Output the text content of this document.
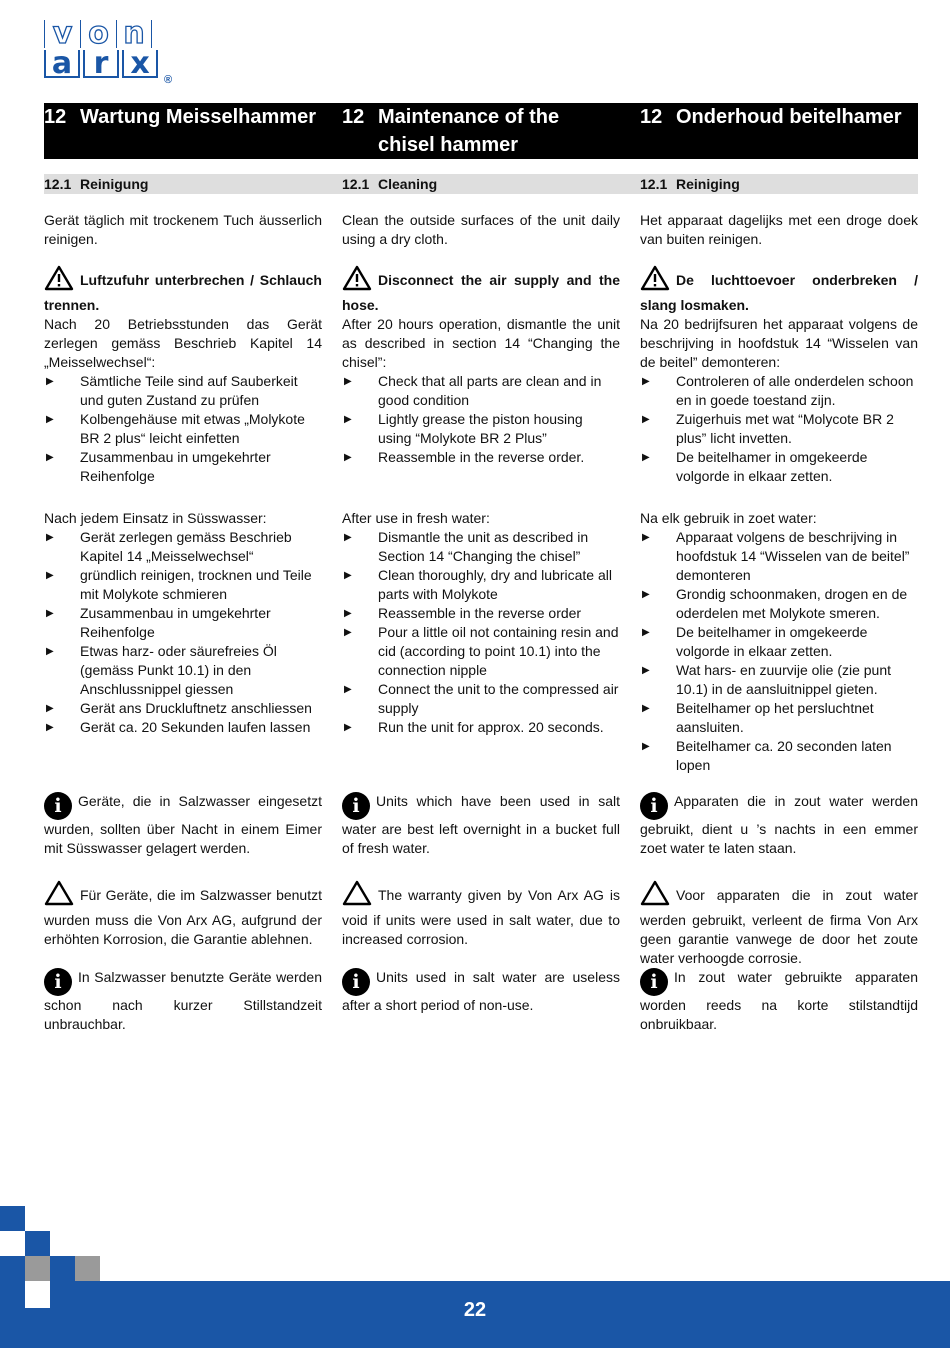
v o n
a r x	®
12 Wartung Meisselhammer	12 Maintenance of the chisel hammer
12 Onderhoud beitelhamer
12.1 Reinigung	12.1 Cleaning	12.1 Reiniging

Gerät täglich mit trockenem Tuch äusserlich reinigen.

Luftzufuhr unterbrechen / Schlauch trennen.

Nach 20 Betriebsstunden das Gerät zerlegen gemäss Beschrieb Kapitel 14 „Meisselwechsel“:

▶ Sämtliche Teile sind auf Sauberkeit und guten Zustand zu prüfen
▶ Kolbengehäuse mit etwas „Molykote BR 2 plus“ leicht einfetten
▶ Zusammenbau in umgekehrter Reihenfolge

Nach jedem Einsatz in Süsswasser:

▶ Gerät zerlegen gemäss Beschrieb Kapitel 14 „Meisselwechsel“
▶ gründlich reinigen, trocknen und Teile mit Molykote schmieren
▶ Zusammenbau in umgekehrter Reihenfolge
▶ Etwas harz- oder säurefreies Öl (gemäss Punkt 10.1) in den Anschlussnippel giessen
▶ Gerät ans Druckluftnetz anschliessen
▶ Gerät ca. 20 Sekunden laufen lassen

i Geräte, die in Salzwasser eingesetzt wurden, sollten über Nacht in einem Eimer mit Süsswasser gelagert werden.

Für Geräte, die im Salzwasser benutzt wurden muss die Von Arx AG, aufgrund der erhöhten Korrosion, die Garantie ablehnen.

i In Salzwasser benutzte Geräte werden schon nach kurzer Stillstandzeit unbrauchbar.

Clean the outside surfaces of the unit daily using a dry cloth.

Disconnect the air supply and the hose.

After 20 hours operation, dismantle the unit as described in section 14 “Changing the chisel”:

▶ Check that all parts are clean and in good condition
▶ Lightly grease the piston housing using “Molykote BR 2 Plus”
▶ Reassemble in the reverse order.

After use in fresh water:

▶ Dismantle the unit as described in Section 14 “Changing the chisel”
▶ Clean thoroughly, dry and lubricate all parts with Molykote
▶ Reassemble in the reverse order
▶ Pour a little oil not containing resin and cid (according to point 10.1) into the connection nipple
▶ Connect the unit to the compressed air supply
▶ Run the unit for approx. 20 seconds.

i Units which have been used in salt water are best left overnight in a bucket full of fresh water.

The warranty given by Von Arx AG is void if units were used in salt water, due to increased corrosion.

i Units used in salt water are useless after a short period of non-use.

Het apparaat dagelijks met een droge doek van buiten reinigen.

De luchttoevoer onderbreken / slang losmaken.

Na 20 bedrijfsuren het apparaat volgens de beschrijving in hoofdstuk 14 “Wisselen van de beitel” demonteren:

▶ Controleren of alle onderdelen schoon en in goede toestand zijn.
▶ Zuigerhuis met wat “Molycote BR 2 plus” licht invetten.
▶ De beitelhamer in omgekeerde volgorde in elkaar zetten.

Na elk gebruik in zoet water:

▶ Apparaat volgens de beschrijving in hoofdstuk 14 “Wisselen van de beitel” demonteren
▶ Grondig schoonmaken, drogen en de oderdelen met Molykote smeren.
▶ De beitelhamer in omgekeerde volgorde in elkaar zetten.
▶ Wat hars- en zuurvije olie (zie punt 10.1) in de aansluitnippel gieten.
▶ Beitelhamer op het persluchtnet aansluiten.
▶ Beitelhamer ca. 20 seconden laten lopen

i Apparaten die in zout water werden gebruikt, dient u ’s nachts in een emmer zoet water te laten staan.

Voor apparaten die in zout water werden gebruikt, verleent de firma Von Arx geen garantie vanwege de door het zoute water verhoogde corrosie.

i In zout water gebruikte apparaten worden reeds na korte stilstandtijd onbruikbaar.

22
